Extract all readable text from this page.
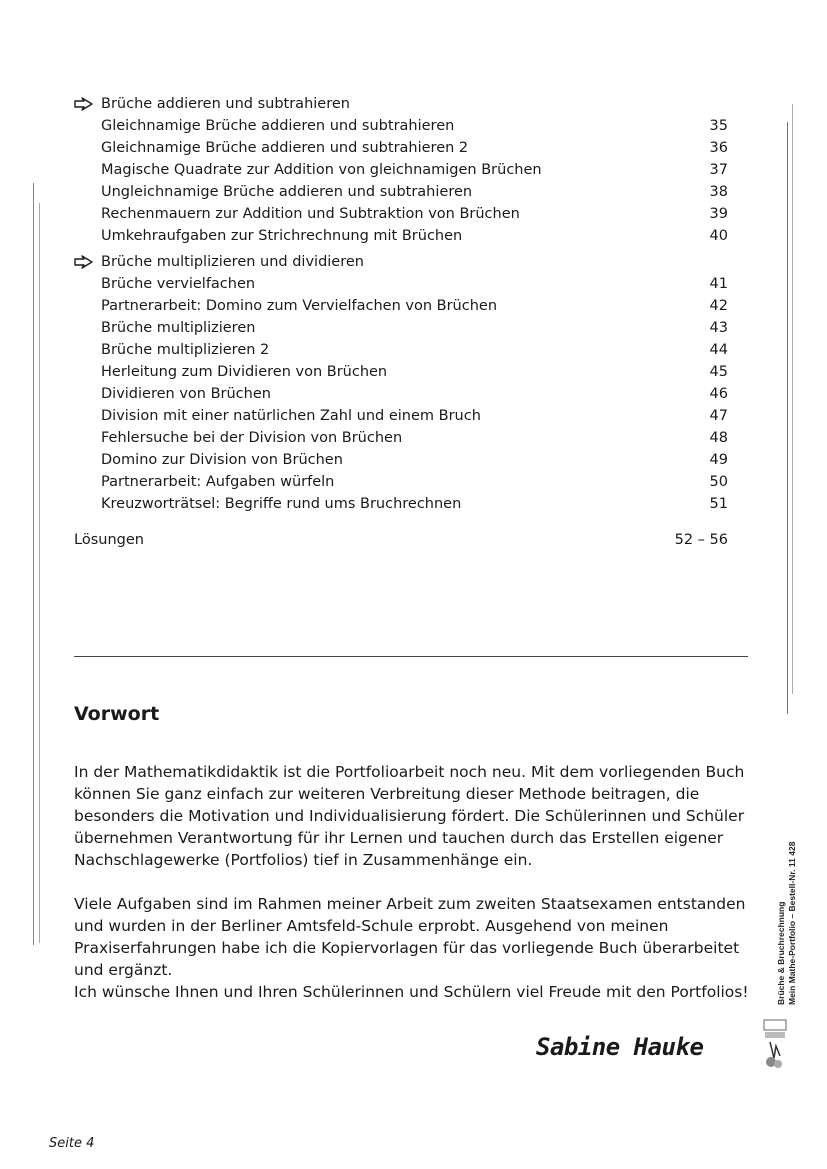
Brüche addieren und subtrahieren
Gleichnamige Brüche addieren und subtrahieren	35
Gleichnamige Brüche addieren und subtrahieren 2	36
Magische Quadrate zur Addition von gleichnamigen Brüchen	37
Ungleichnamige Brüche addieren und subtrahieren	38
Rechenmauern zur Addition und Subtraktion von Brüchen	39
Umkehraufgaben zur Strichrechnung mit Brüchen	40
Brüche multiplizieren und dividieren
Brüche vervielfachen	41
Partnerarbeit: Domino zum Vervielfachen von Brüchen	42
Brüche multiplizieren	43
Brüche multiplizieren 2	44
Herleitung zum Dividieren von Brüchen	45
Dividieren von Brüchen	46
Division mit einer natürlichen Zahl und einem Bruch	47
Fehlersuche bei der Division von Brüchen	48
Domino zur Division von Brüchen	49
Partnerarbeit: Aufgaben würfeln	50
Kreuzworträtsel: Begriffe rund ums Bruchrechnen	51
Lösungen	52 – 56
Vorwort

In der Mathematikdidaktik ist die Portfolioarbeit noch neu. Mit dem vorliegenden Buch können Sie ganz einfach zur weiteren Verbreitung dieser Methode beitragen, die besonders die Motivation und Individualisierung fördert. Die Schülerinnen und Schüler übernehmen Verantwortung für ihr Lernen und tauchen durch das Erstellen eigener Nachschlagewerke (Portfolios) tief in Zusammenhänge ein.

Viele Aufgaben sind im Rahmen meiner Arbeit zum zweiten Staatsexamen entstanden und wurden in der Berliner Amtsfeld-Schule erprobt. Ausgehend von meinen Praxiserfahrungen habe ich die Kopiervorlagen für das vorliegende Buch überarbeitet und ergänzt.

Ich wünsche Ihnen und Ihren Schülerinnen und Schülern viel Freude mit den Portfolios!

Sabine Hauke
Seite 4
Brüche & Bruchrechnung Mein Mathe-Portfolio – Bestell-Nr. 11 428
